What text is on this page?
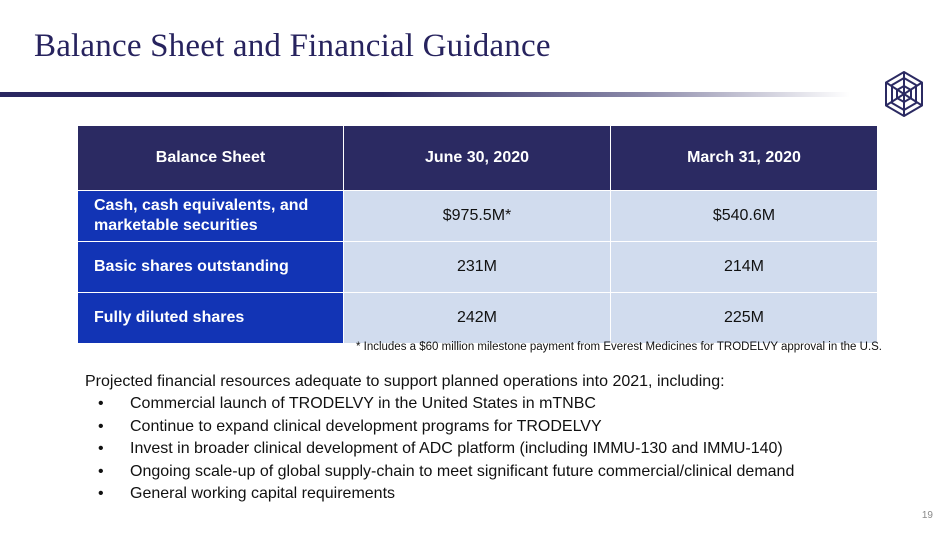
Balance Sheet and Financial Guidance
Balance Sheet	June 30, 2020	March 31, 2020
Cash, cash equivalents, and marketable securities	$975.5M*	$540.6M
Basic shares outstanding	231M	214M
Fully diluted shares	242M	225M
* Includes a $60 million milestone payment from Everest Medicines for TRODELVY approval in the U.S.
Projected financial resources adequate to support planned operations into 2021, including:
• Commercial launch of TRODELVY in the United States in mTNBC
• Continue to expand clinical development programs for TRODELVY
• Invest in broader clinical development of ADC platform (including IMMU-130 and IMMU-140)
• Ongoing scale-up of global supply-chain to meet significant future commercial/clinical demand
• General working capital requirements
19
